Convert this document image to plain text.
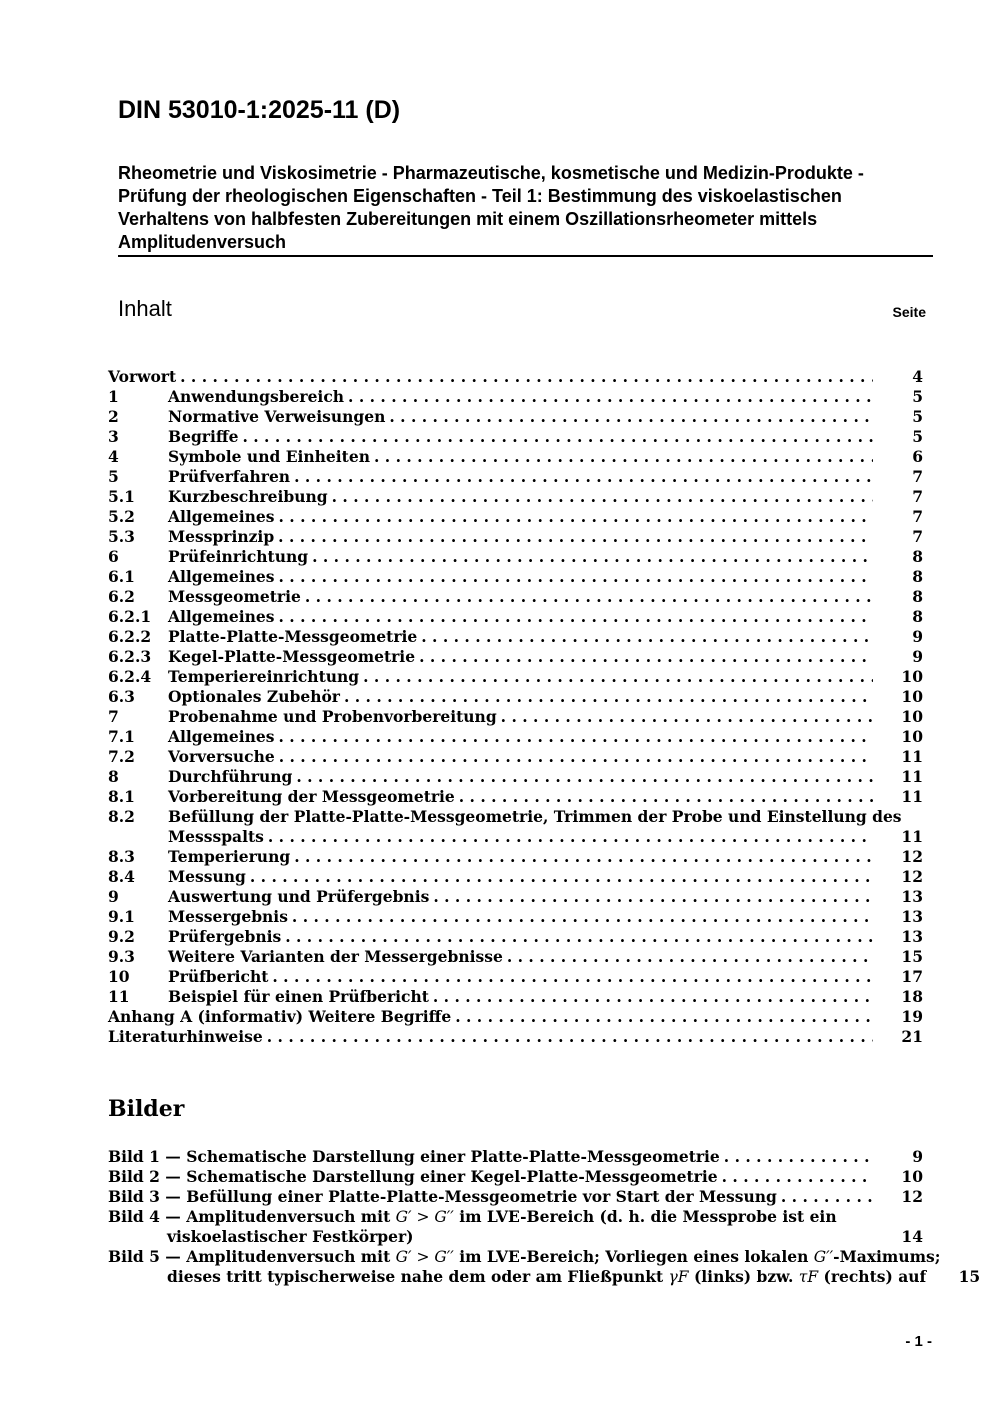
DIN 53010-1:2025-11 (D)

Rheometrie und Viskosimetrie - Pharmazeutische, kosmetische und Medizin-Produkte - Prüfung der rheologischen Eigenschaften - Teil 1: Bestimmung des viskoelastischen Verhaltens von halbfesten Zubereitungen mit einem Oszillationsrheometer mittels Amplitudenversuch

Inhalt	Seite
Vorwort . . .	4
1	Anwendungsbereich . . .	5
2	Normative Verweisungen . . .	5
3	Begriffe . . .	5
4	Symbole und Einheiten . . .	6
5	Prüfverfahren . . .	7
5.1	Kurzbeschreibung . . .	7
5.2	Allgemeines . . .	7
5.3	Messprinzip . . .	7
6	Prüfeinrichtung . . .	8
6.1	Allgemeines . . .	8
6.2	Messgeometrie . . .	8
6.2.1	Allgemeines . . .	8
6.2.2	Platte-Platte-Messgeometrie . . .	9
6.2.3	Kegel-Platte-Messgeometrie . . .	9
6.2.4	Temperiereinrichtung . . .	10
6.3	Optionales Zubehör . . .	10
7	Probenahme und Probenvorbereitung . . .	10
7.1	Allgemeines . . .	10
7.2	Vorversuche . . .	11
8	Durchführung . . .	11
8.1	Vorbereitung der Messgeometrie . . .	11
8.2	Befüllung der Platte-Platte-Messgeometrie, Trimmen der Probe und Einstellung des
Messspalts . . .	11
8.3	Temperierung . . .	12
8.4	Messung . . .	12
9	Auswertung und Prüfergebnis . . .	13
9.1	Messergebnis . . .	13
9.2	Prüfergebnis . . .	13
9.3	Weitere Varianten der Messergebnisse . . .	15
10	Prüfbericht . . .	17
11	Beispiel für einen Prüfbericht . . .	18
Anhang A (informativ) Weitere Begriffe . . .	19
Literaturhinweise . . .	21
Bilder
Bild 1 — Schematische Darstellung einer Platte-Platte-Messgeometrie . . .	9
Bild 2 — Schematische Darstellung einer Kegel-Platte-Messgeometrie . . .	10
Bild 3 — Befüllung einer Platte-Platte-Messgeometrie vor Start der Messung . . .	12
Bild 4 — Amplitudenversuch mit G′ > G′′ im LVE-Bereich (d. h. die Messprobe ist ein
viskoelastischer Festkörper)	14
Bild 5 — Amplitudenversuch mit G′ > G′′ im LVE-Bereich; Vorliegen eines lokalen G′′-Maximums;
dieses tritt typischerweise nahe dem oder am Fließpunkt γF (links) bzw. τF (rechts) auf	15
- 1 -
